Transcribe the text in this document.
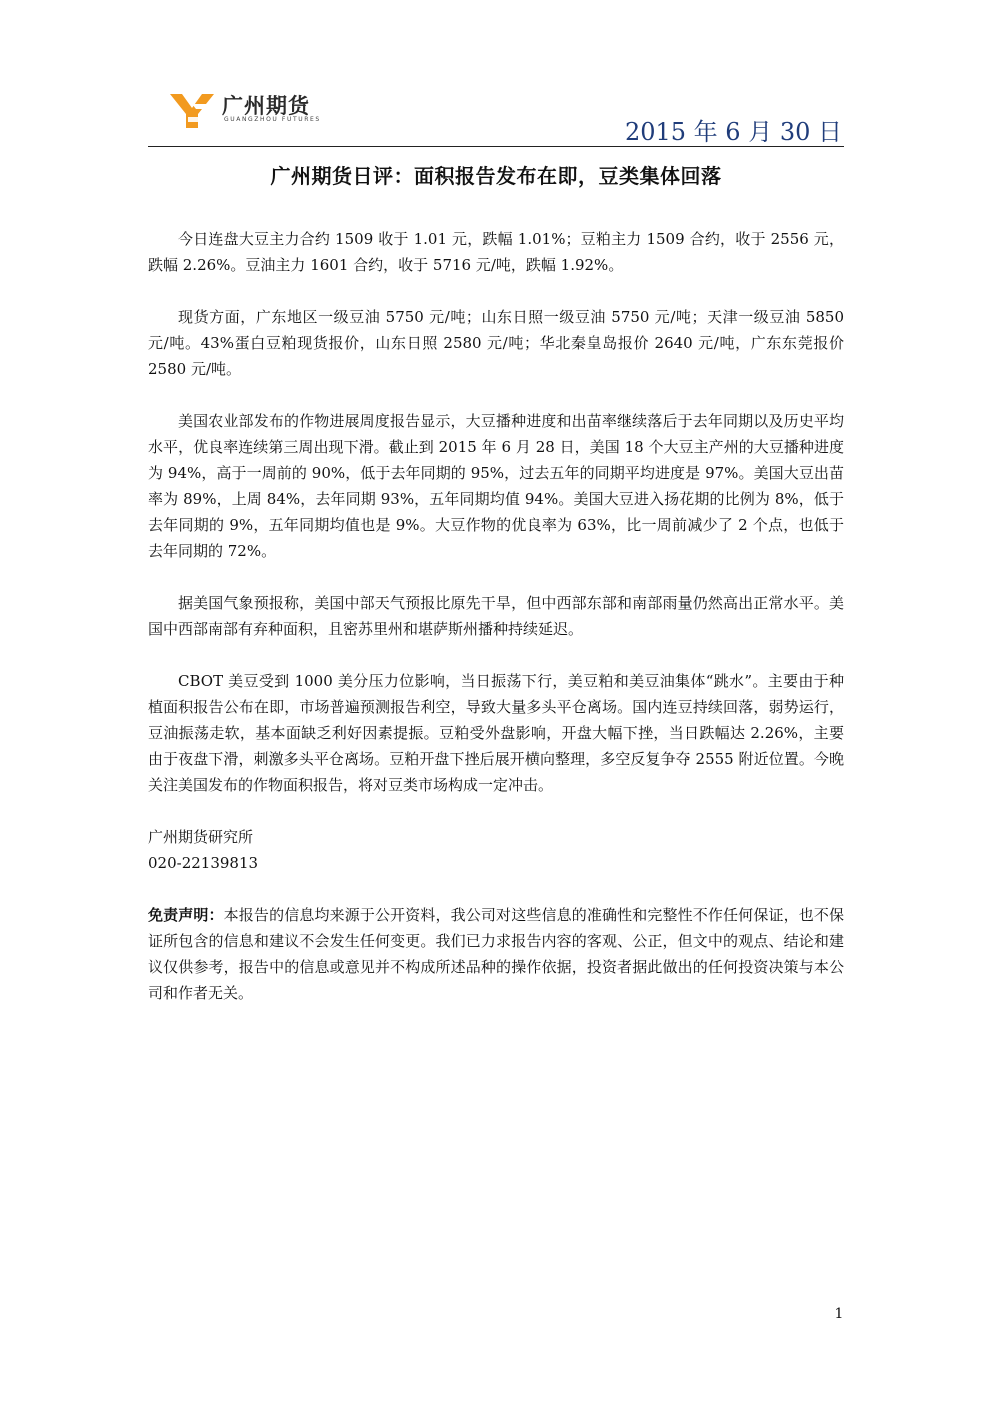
广州期货
GUANGZHOU FUTURES	2015 年 6 月 30 日
广州期货日评：面积报告发布在即，豆类集体回落

今日连盘大豆主力合约 1509 收于 1.01 元，跌幅 1.01%；豆粕主力 1509 合约，收于 2556 元，跌幅 2.26%。豆油主力 1601 合约，收于 5716 元/吨，跌幅 1.92%。

现货方面，广东地区一级豆油 5750 元/吨；山东日照一级豆油 5750 元/吨；天津一级豆油 5850 元/吨。43%蛋白豆粕现货报价，山东日照 2580 元/吨；华北秦皇岛报价 2640 元/吨，广东东莞报价 2580 元/吨。

美国农业部发布的作物进展周度报告显示，大豆播种进度和出苗率继续落后于去年同期以及历史平均水平，优良率连续第三周出现下滑。截止到 2015 年 6 月 28 日，美国 18 个大豆主产州的大豆播种进度为 94%，高于一周前的 90%，低于去年同期的 95%，过去五年的同期平均进度是 97%。美国大豆出苗率为 89%，上周 84%，去年同期 93%，五年同期均值 94%。美国大豆进入扬花期的比例为 8%，低于去年同期的 9%，五年同期均值也是 9%。大豆作物的优良率为 63%，比一周前减少了 2 个点，也低于去年同期的 72%。

据美国气象预报称，美国中部天气预报比原先干旱，但中西部东部和南部雨量仍然高出正常水平。美国中西部南部有弃种面积，且密苏里州和堪萨斯州播种持续延迟。

CBOT 美豆受到 1000 美分压力位影响，当日振荡下行，美豆粕和美豆油集体“跳水”。主要由于种植面积报告公布在即，市场普遍预测报告利空，导致大量多头平仓离场。国内连豆持续回落，弱势运行，豆油振荡走软，基本面缺乏利好因素提振。豆粕受外盘影响，开盘大幅下挫，当日跌幅达 2.26%，主要由于夜盘下滑，刺激多头平仓离场。豆粕开盘下挫后展开横向整理，多空反复争夺 2555 附近位置。今晚关注美国发布的作物面积报告，将对豆类市场构成一定冲击。

广州期货研究所
020-22139813

免责声明：本报告的信息均来源于公开资料，我公司对这些信息的准确性和完整性不作任何保证，也不保证所包含的信息和建议不会发生任何变更。我们已力求报告内容的客观、公正，但文中的观点、结论和建议仅供参考，报告中的信息或意见并不构成所述品种的操作依据，投资者据此做出的任何投资决策与本公司和作者无关。

1
